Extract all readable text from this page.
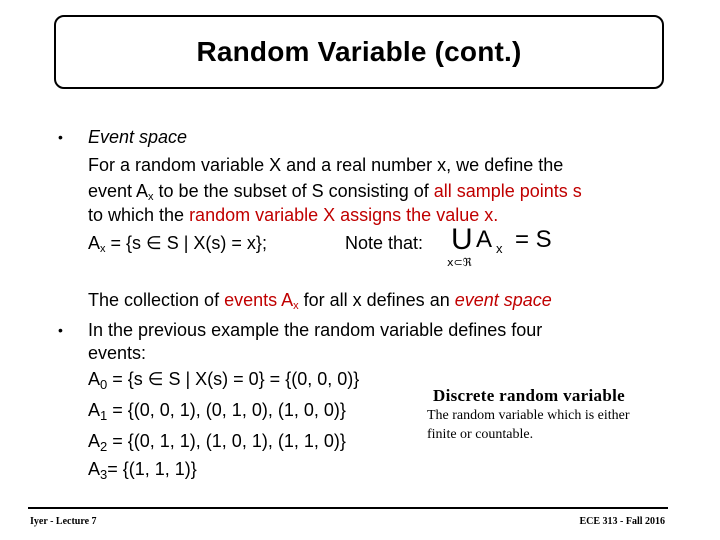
Random Variable (cont.)
• Event space
For a random variable X and a real number x, we define the
event $A_x$ to be the subset of S consisting of all sample points s
to which the random variable X assigns the value x.
$A_x = \{s$ ∈ S | X(s) = x};	Note that: U A x = S
x⊂ℜ
The collection of events $A_x$ for all x defines an event space
• In the previous example the random variable defines four
events:
$A_0 = \{s$ ∈ S | X(s) = 0} = {(0, 0, 0)}
$A_1 = \{(0$, 0, 1), (0, 1, 0), (1, 0, 0)}
$A_2 = \{(0$, 1, 1), (1, 0, 1), (1, 1, 0)}
$A_3= \{(1$, 1, 1)}
Discrete random variable
The random variable which is either
finite or countable.
Iyer - Lecture 7	ECE 313 - Fall 2016
